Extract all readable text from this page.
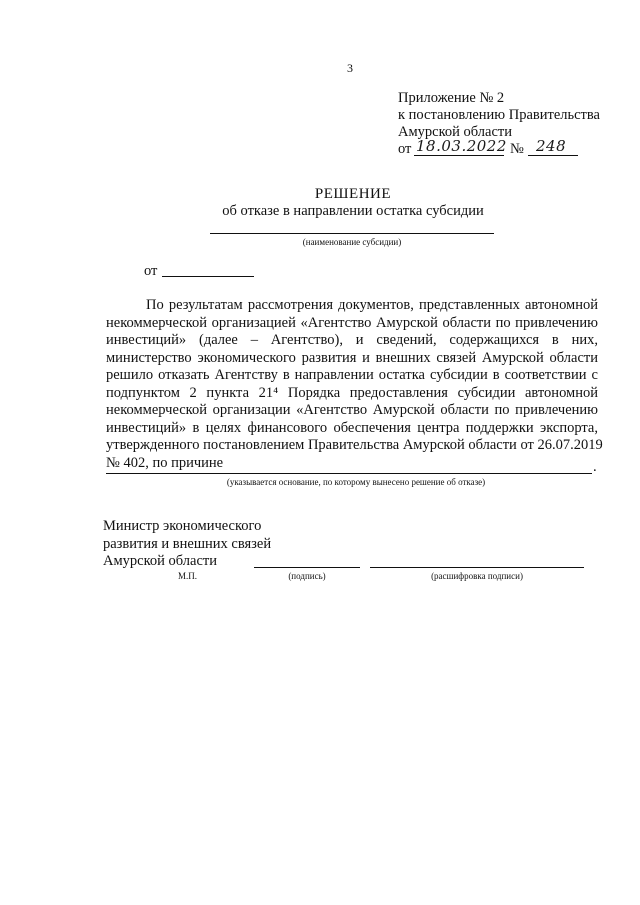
3
Приложение № 2
к постановлению Правительства
Амурской области
от 18.03.2022 № 248
РЕШЕНИЕ
об отказе в направлении остатка субсидии
(наименование субсидии)
от
По результатам рассмотрения документов, представленных автономной
некоммерческой организацией «Агентство Амурской области по привлечению
инвестиций» (далее – Агентство), и сведений, содержащихся в них,
министерство экономического развития и внешних связей Амурской области
решило отказать Агентству в направлении остатка субсидии в соответствии с
подпунктом 2 пункта 21⁴ Порядка предоставления субсидии автономной
некоммерческой организации «Агентство Амурской области по привлечению
инвестиций» в целях финансового обеспечения центра поддержки экспорта,
утвержденного постановлением Правительства Амурской области от 26.07.2019
№ 402, по причине	.
(указывается основание, по которому вынесено решение об отказе)
Министр экономического
развития и внешних связей
Амурской области
М.П.	(подпись)	(расшифровка подписи)
